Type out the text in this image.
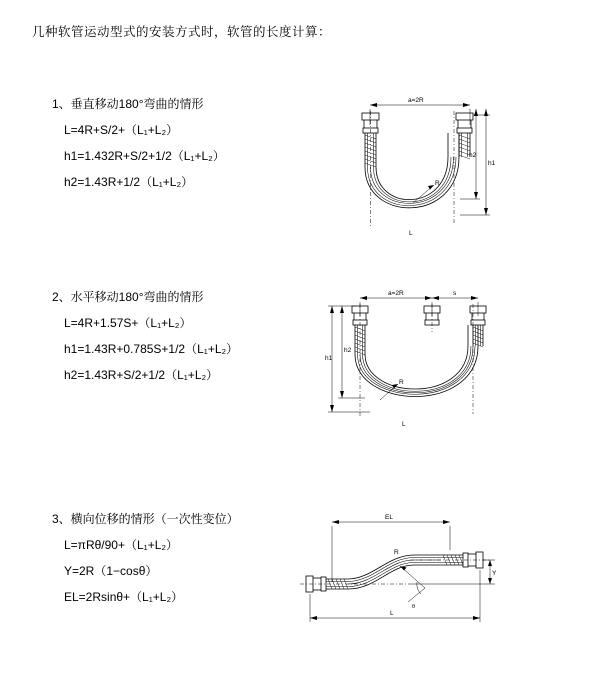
几种软管运动型式的安装方式时，软管的长度计算：
1、垂直移动180°弯曲的情形
L=4R+S/2+（L₁+L₂）
h1=1.432R+S/2+1/2（L₁+L₂）
h2=1.43R+1/2（L₁+L₂）
a=2R
R
h1
h2
L
2、水平移动180°弯曲的情形
L=4R+1.57S+（L₁+L₂）
h1=1.43R+0.785S+1/2（L₁+L₂）
h2=1.43R+S/2+1/2（L₁+L₂）
a=2R	s
R
h1
h2
L
3、横向位移的情形（一次性变位）
L=πRθ/90+（L₁+L₂）
Y=2R（1−cosθ）
EL=2Rsinθ+（L₁+L₂）
EL
R
θ
Y
L
